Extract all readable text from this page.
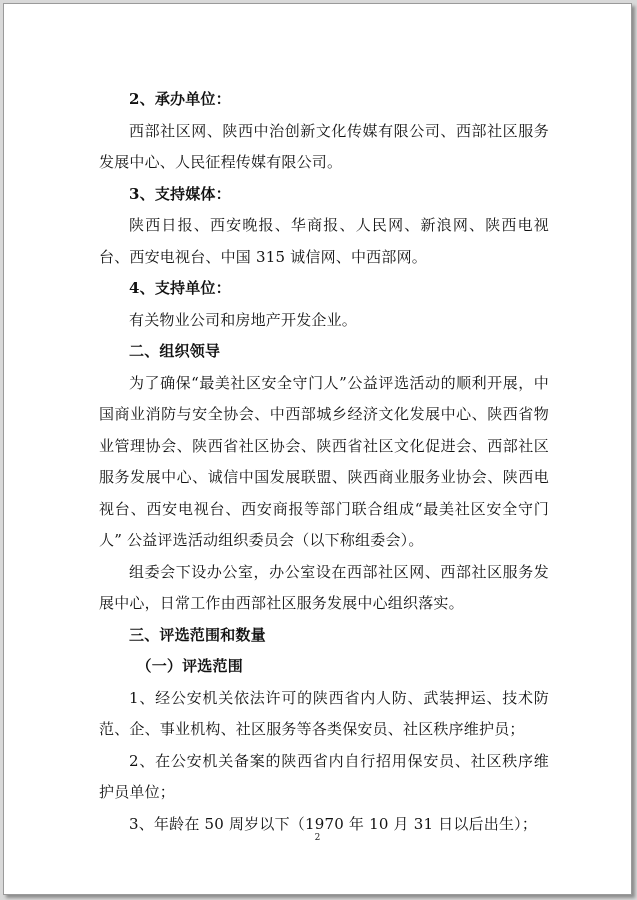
2、承办单位：

西部社区网、陕西中治创新文化传媒有限公司、西部社区服务发展中心、人民征程传媒有限公司。

3、支持媒体：

陕西日报、西安晚报、华商报、人民网、新浪网、陕西电视台、西安电视台、中国 315 诚信网、中西部网。

4、支持单位：

有关物业公司和房地产开发企业。

二、组织领导

为了确保“最美社区安全守门人”公益评选活动的顺利开展，中国商业消防与安全协会、中西部城乡经济文化发展中心、陕西省物业管理协会、陕西省社区协会、陕西省社区文化促进会、西部社区服务发展中心、诚信中国发展联盟、陕西商业服务业协会、陕西电视台、西安电视台、西安商报等部门联合组成“最美社区安全守门人” 公益评选活动组织委员会（以下称组委会）。

组委会下设办公室，办公室设在西部社区网、西部社区服务发展中心，日常工作由西部社区服务发展中心组织落实。

三、评选范围和数量

（一）评选范围

1、经公安机关依法许可的陕西省内人防、武装押运、技术防范、企、事业机构、社区服务等各类保安员、社区秩序维护员；

2、在公安机关备案的陕西省内自行招用保安员、社区秩序维护员单位；

3、年龄在 50 周岁以下（1970 年 10 月 31 日以后出生）；

2
